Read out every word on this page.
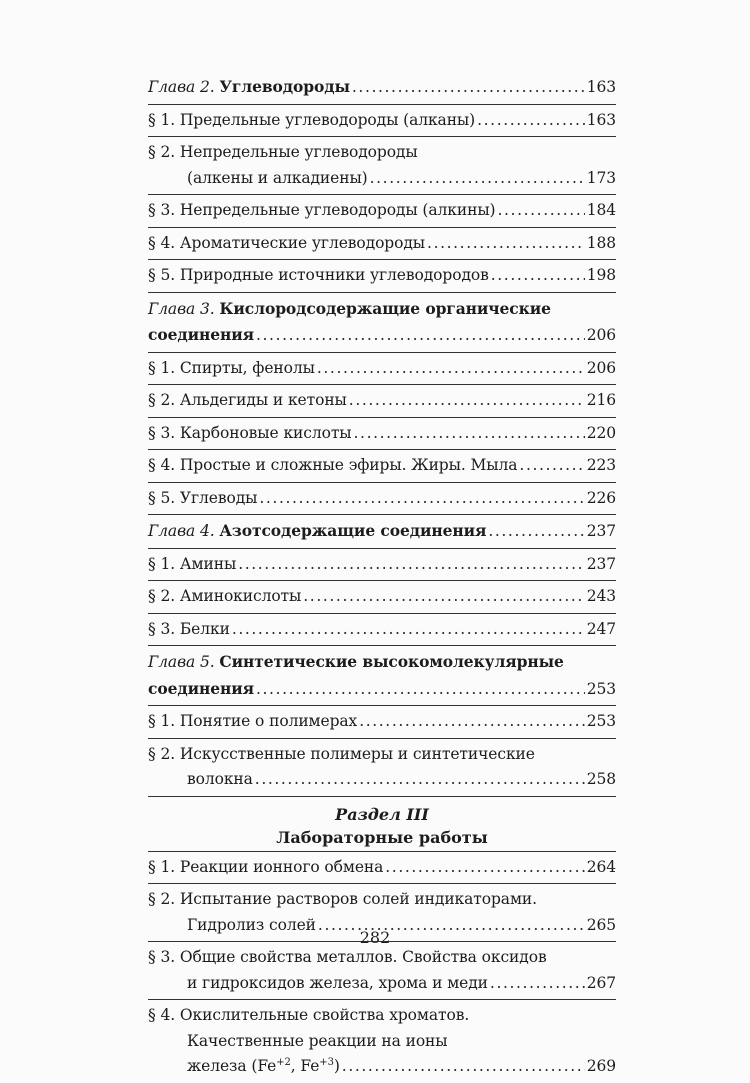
Глава 2. Углеводороды .....	163
§ 1. Предельные углеводороды (алканы) .....	163
§ 2. Непредельные углеводороды
(алкены и алкадиены) .....	173
§ 3. Непредельные углеводороды (алкины) .....	184
§ 4. Ароматические углеводороды .....	188
§ 5. Природные источники углеводородов .....	198
Глава 3. Кислородсодержащие органические
соединения .....	206
§ 1. Спирты, фенолы .....	206
§ 2. Альдегиды и кетоны .....	216
§ 3. Карбоновые кислоты .....	220
§ 4. Простые и сложные эфиры. Жиры. Мыла .....	223
§ 5. Углеводы .....	226
Глава 4. Азотсодержащие соединения .....	237
§ 1. Амины .....	237
§ 2. Аминокислоты .....	243
§ 3. Белки .....	247
Глава 5. Синтетические высокомолекулярные
соединения .....	253
§ 1. Понятие о полимерах .....	253
§ 2. Искусственные полимеры и синтетические
волокна .....	258
Раздел III
Лабораторные работы
§ 1. Реакции ионного обмена .....	264
§ 2. Испытание растворов солей индикаторами.
Гидролиз солей .....	265
§ 3. Общие свойства металлов. Свойства оксидов
и гидроксидов железа, хрома и меди .....	267
§ 4. Окислительные свойства хроматов.
Качественные реакции на ионы
железа ($Fe^{+2}$, $Fe^{+3}$) .....	269
282
